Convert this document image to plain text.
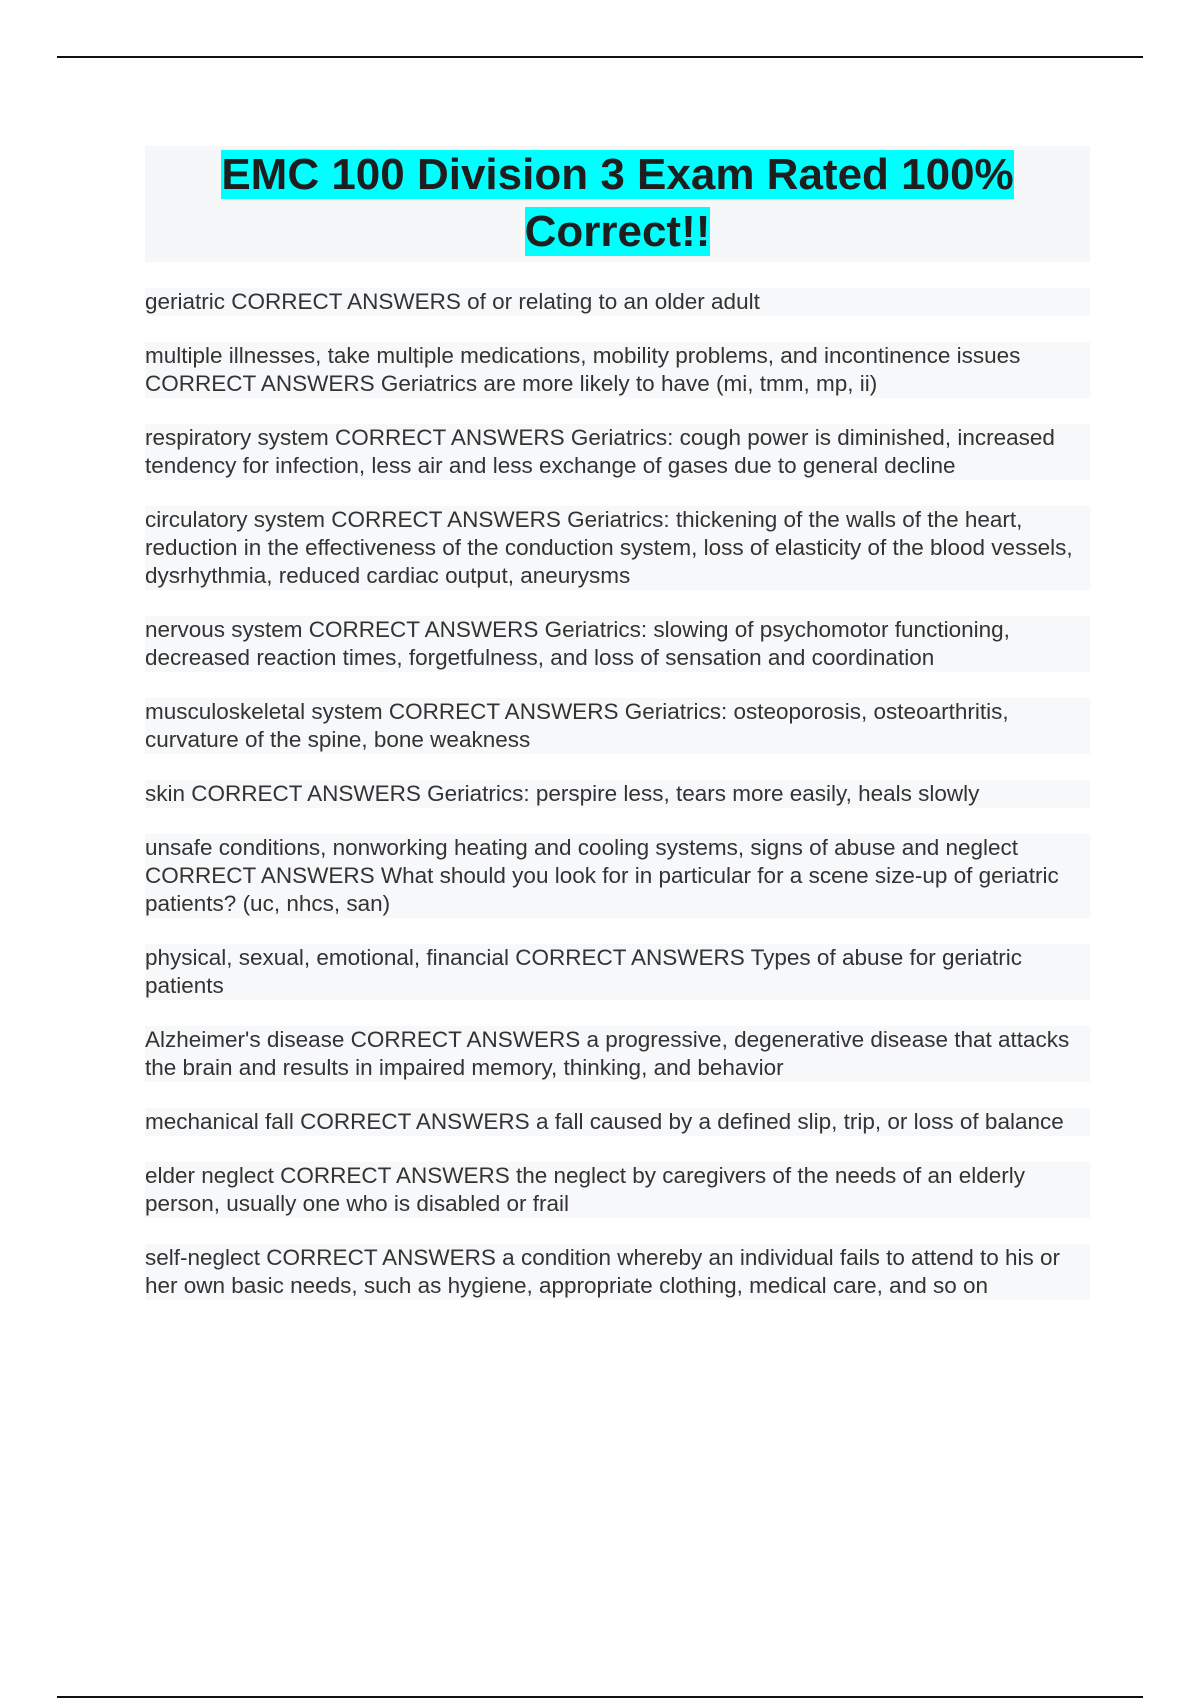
EMC 100 Division 3 Exam Rated 100% Correct!!

geriatric CORRECT ANSWERS of or relating to an older adult

multiple illnesses, take multiple medications, mobility problems, and incontinence issues CORRECT ANSWERS Geriatrics are more likely to have (mi, tmm, mp, ii)

respiratory system CORRECT ANSWERS Geriatrics: cough power is diminished, increased tendency for infection, less air and less exchange of gases due to general decline

circulatory system CORRECT ANSWERS Geriatrics: thickening of the walls of the heart, reduction in the effectiveness of the conduction system, loss of elasticity of the blood vessels, dysrhythmia, reduced cardiac output, aneurysms

nervous system CORRECT ANSWERS Geriatrics: slowing of psychomotor functioning, decreased reaction times, forgetfulness, and loss of sensation and coordination

musculoskeletal system CORRECT ANSWERS Geriatrics: osteoporosis, osteoarthritis, curvature of the spine, bone weakness

skin CORRECT ANSWERS Geriatrics: perspire less, tears more easily, heals slowly

unsafe conditions, nonworking heating and cooling systems, signs of abuse and neglect CORRECT ANSWERS What should you look for in particular for a scene size-up of geriatric patients? (uc, nhcs, san)

physical, sexual, emotional, financial CORRECT ANSWERS Types of abuse for geriatric patients

Alzheimer's disease CORRECT ANSWERS a progressive, degenerative disease that attacks the brain and results in impaired memory, thinking, and behavior

mechanical fall CORRECT ANSWERS a fall caused by a defined slip, trip, or loss of balance

elder neglect CORRECT ANSWERS the neglect by caregivers of the needs of an elderly person, usually one who is disabled or frail

self-neglect CORRECT ANSWERS a condition whereby an individual fails to attend to his or her own basic needs, such as hygiene, appropriate clothing, medical care, and so on
